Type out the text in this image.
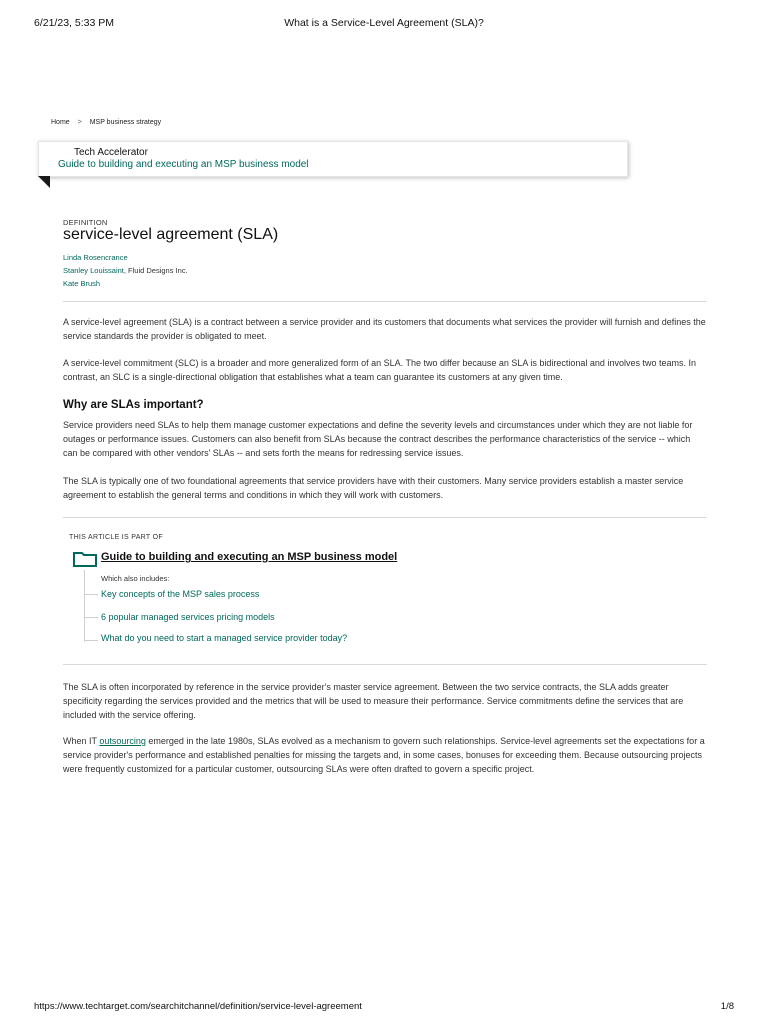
6/21/23, 5:33 PM	What is a Service-Level Agreement (SLA)?
Home > MSP business strategy
Tech Accelerator
Guide to building and executing an MSP business model
DEFINITION
service-level agreement (SLA)
Linda Rosencrance
Stanley Louissaint, Fluid Designs Inc.
Kate Brush

A service-level agreement (SLA) is a contract between a service provider and its customers that documents what services the provider will furnish and defines the service standards the provider is obligated to meet.

A service-level commitment (SLC) is a broader and more generalized form of an SLA. The two differ because an SLA is bidirectional and involves two teams. In contrast, an SLC is a single-directional obligation that establishes what a team can guarantee its customers at any given time.

Why are SLAs important?

Service providers need SLAs to help them manage customer expectations and define the severity levels and circumstances under which they are not liable for outages or performance issues. Customers can also benefit from SLAs because the contract describes the performance characteristics of the service -- which can be compared with other vendors' SLAs -- and sets forth the means for redressing service issues.

The SLA is typically one of two foundational agreements that service providers have with their customers. Many service providers establish a master service agreement to establish the general terms and conditions in which they will work with customers.

THIS ARTICLE IS PART OF
Guide to building and executing an MSP business model
Which also includes:
Key concepts of the MSP sales process
6 popular managed services pricing models
What do you need to start a managed service provider today?

The SLA is often incorporated by reference in the service provider's master service agreement. Between the two service contracts, the SLA adds greater specificity regarding the services provided and the metrics that will be used to measure their performance. Service commitments define the services that are included with the service offering.

When IT outsourcing emerged in the late 1980s, SLAs evolved as a mechanism to govern such relationships. Service-level agreements set the expectations for a service provider's performance and established penalties for missing the targets and, in some cases, bonuses for exceeding them. Because outsourcing projects were frequently customized for a particular customer, outsourcing SLAs were often drafted to govern a specific project.

https://www.techtarget.com/searchitchannel/definition/service-level-agreement	1/8
